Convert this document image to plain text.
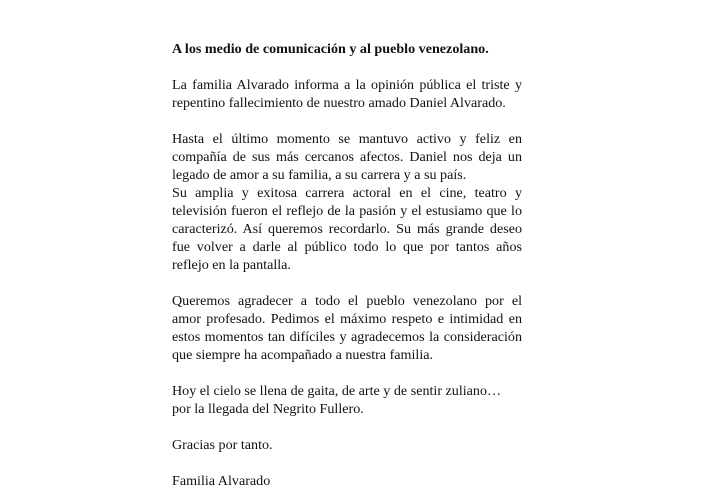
A los medio de comunicación y al pueblo venezolano.
La familia Alvarado informa a la opinión pública el triste y
repentino fallecimiento de nuestro amado Daniel Alvarado.
Hasta el último momento se mantuvo activo y feliz en
compañía de sus más cercanos afectos. Daniel nos deja un
legado de amor a su familia, a su carrera y a su país.
Su amplia y exitosa carrera actoral en el cine, teatro y
televisión fueron el reflejo de la pasión y el estusiamo que lo
caracterizó. Así queremos recordarlo. Su más grande deseo
fue volver a darle al público todo lo que por tantos años
reflejo en la pantalla.
Queremos agradecer a todo el pueblo venezolano por el
amor profesado. Pedimos el máximo respeto e intimidad en
estos momentos tan difíciles y agradecemos la consideración
que siempre ha acompañado a nuestra familia.
Hoy el cielo se llena de gaita, de arte y de sentir zuliano…
por la llegada del Negrito Fullero.
Gracias por tanto.
Familia Alvarado
